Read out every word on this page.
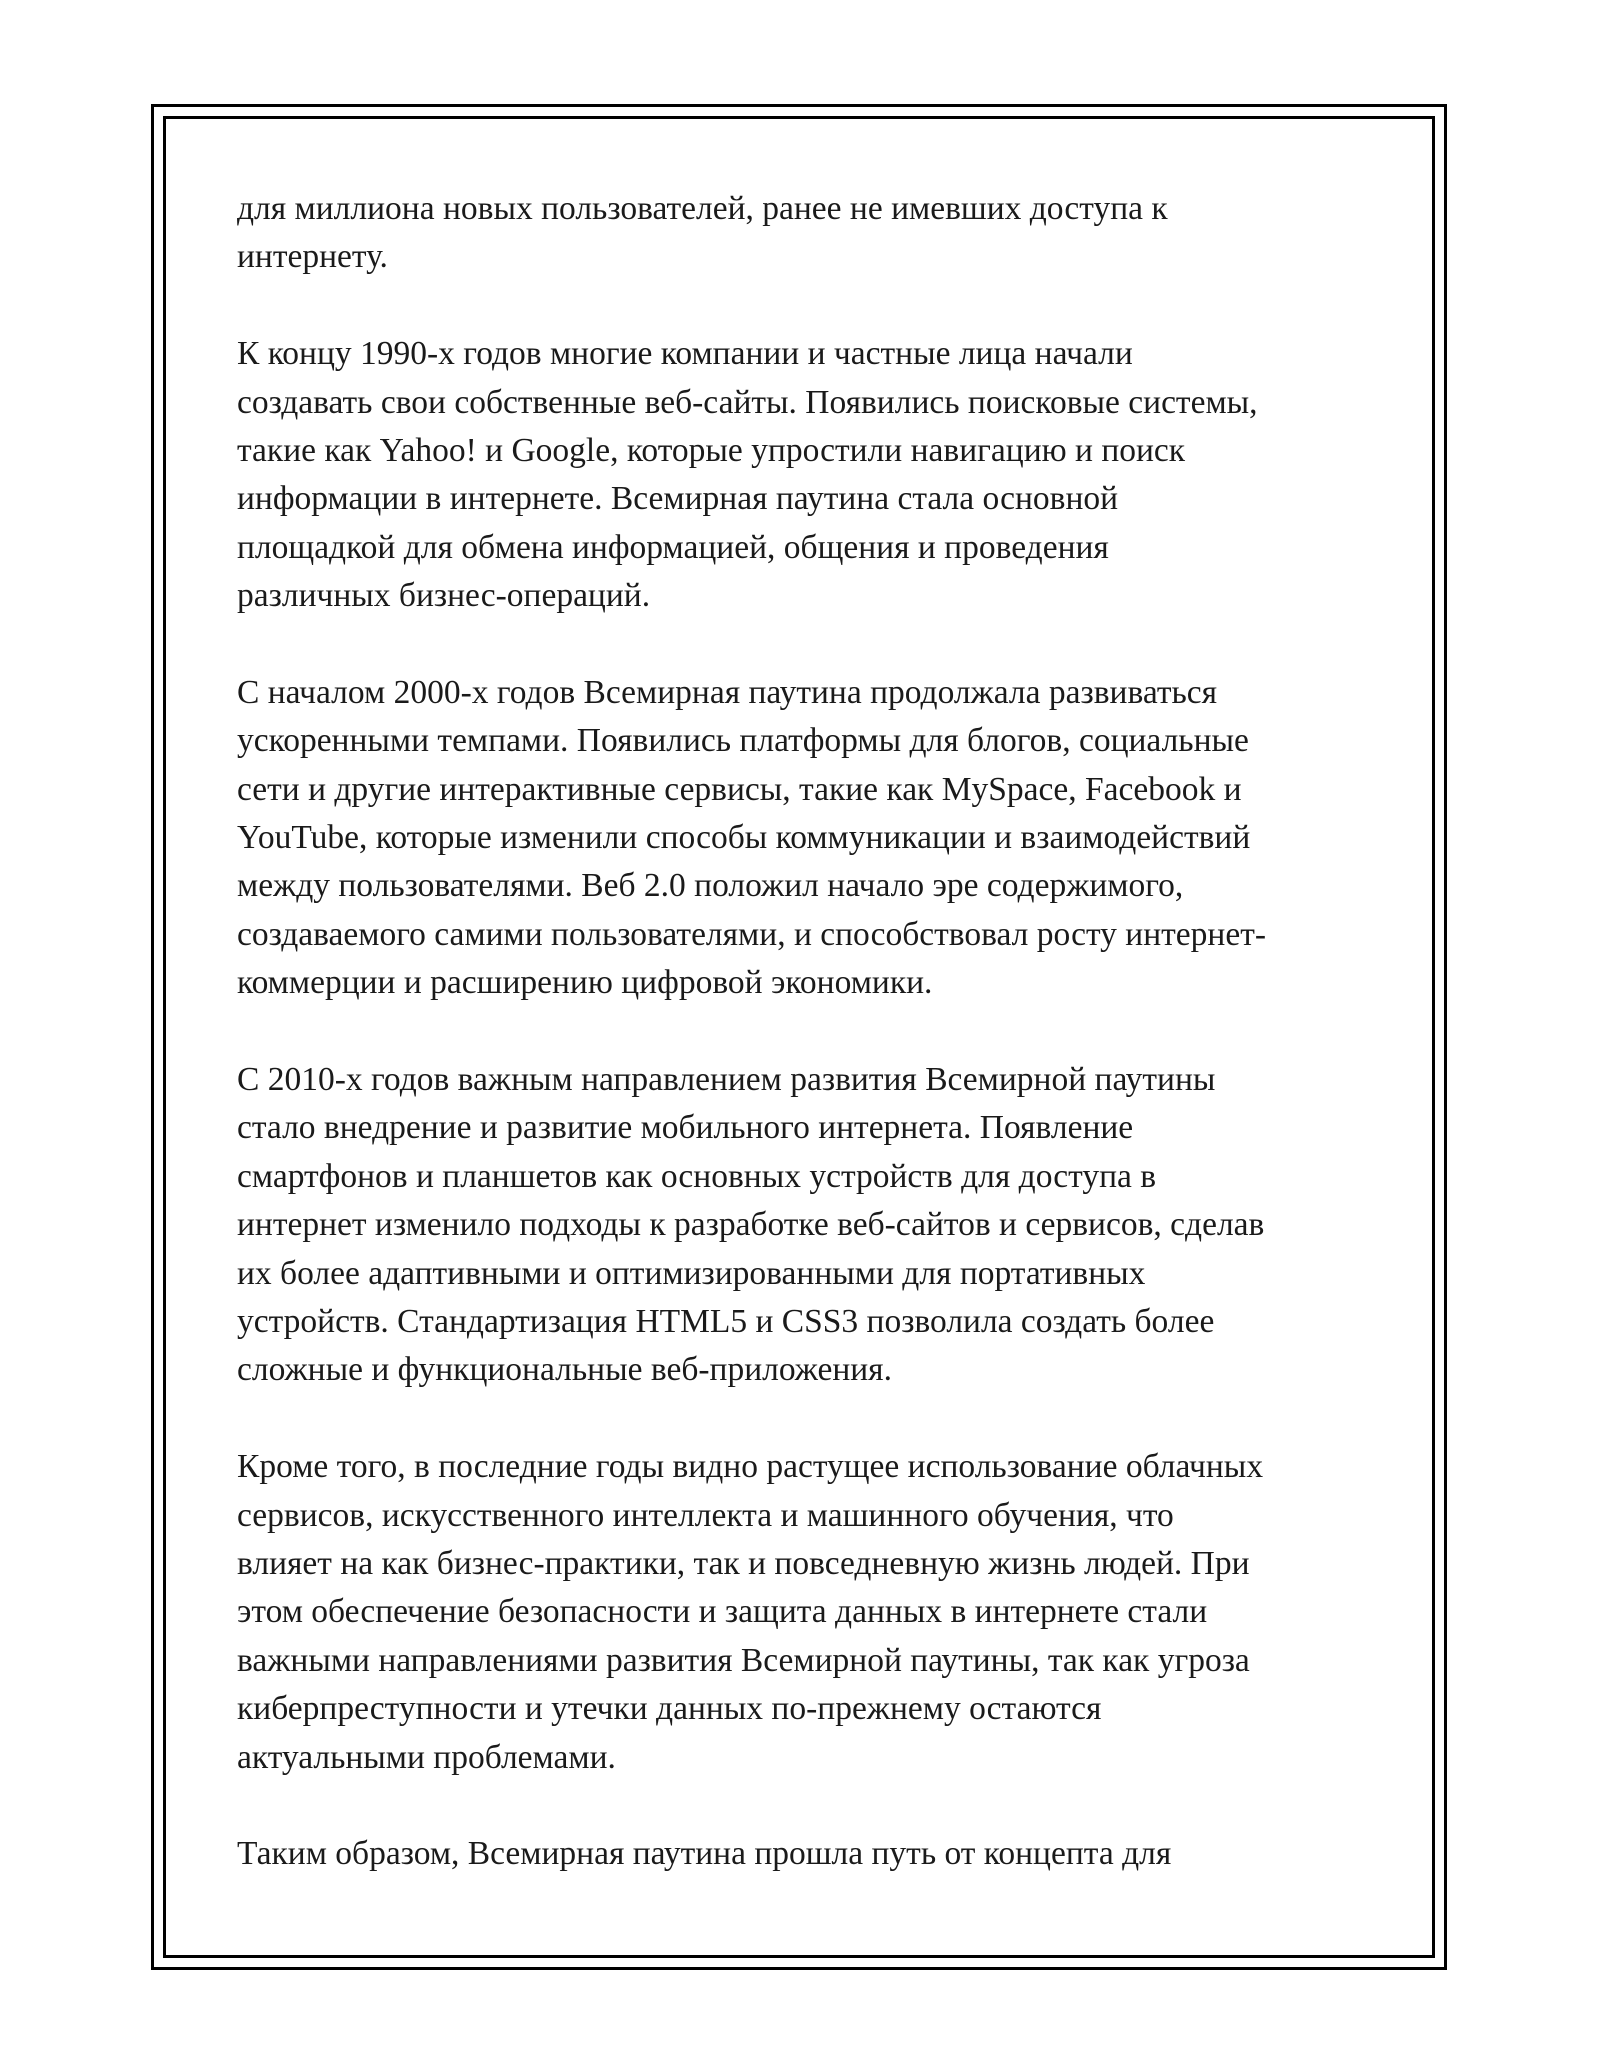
для миллиона новых пользователей, ранее не имевших доступа к
интернету.
К концу 1990-х годов многие компании и частные лица начали
создавать свои собственные веб-сайты. Появились поисковые системы,
такие как Yahoo! и Google, которые упростили навигацию и поиск
информации в интернете. Всемирная паутина стала основной
площадкой для обмена информацией, общения и проведения
различных бизнес-операций.
С началом 2000-х годов Всемирная паутина продолжала развиваться
ускоренными темпами. Появились платформы для блогов, социальные
сети и другие интерактивные сервисы, такие как MySpace, Facebook и
YouTube, которые изменили способы коммуникации и взаимодействий
между пользователями. Веб 2.0 положил начало эре содержимого,
создаваемого самими пользователями, и способствовал росту интернет-
коммерции и расширению цифровой экономики.
С 2010-х годов важным направлением развития Всемирной паутины
стало внедрение и развитие мобильного интернета. Появление
смартфонов и планшетов как основных устройств для доступа в
интернет изменило подходы к разработке веб-сайтов и сервисов, сделав
их более адаптивными и оптимизированными для портативных
устройств. Стандартизация HTML5 и CSS3 позволила создать более
сложные и функциональные веб-приложения.
Кроме того, в последние годы видно растущее использование облачных
сервисов, искусственного интеллекта и машинного обучения, что
влияет на как бизнес-практики, так и повседневную жизнь людей. При
этом обеспечение безопасности и защита данных в интернете стали
важными направлениями развития Всемирной паутины, так как угроза
киберпреступности и утечки данных по-прежнему остаются
актуальными проблемами.
Таким образом, Всемирная паутина прошла путь от концепта для
